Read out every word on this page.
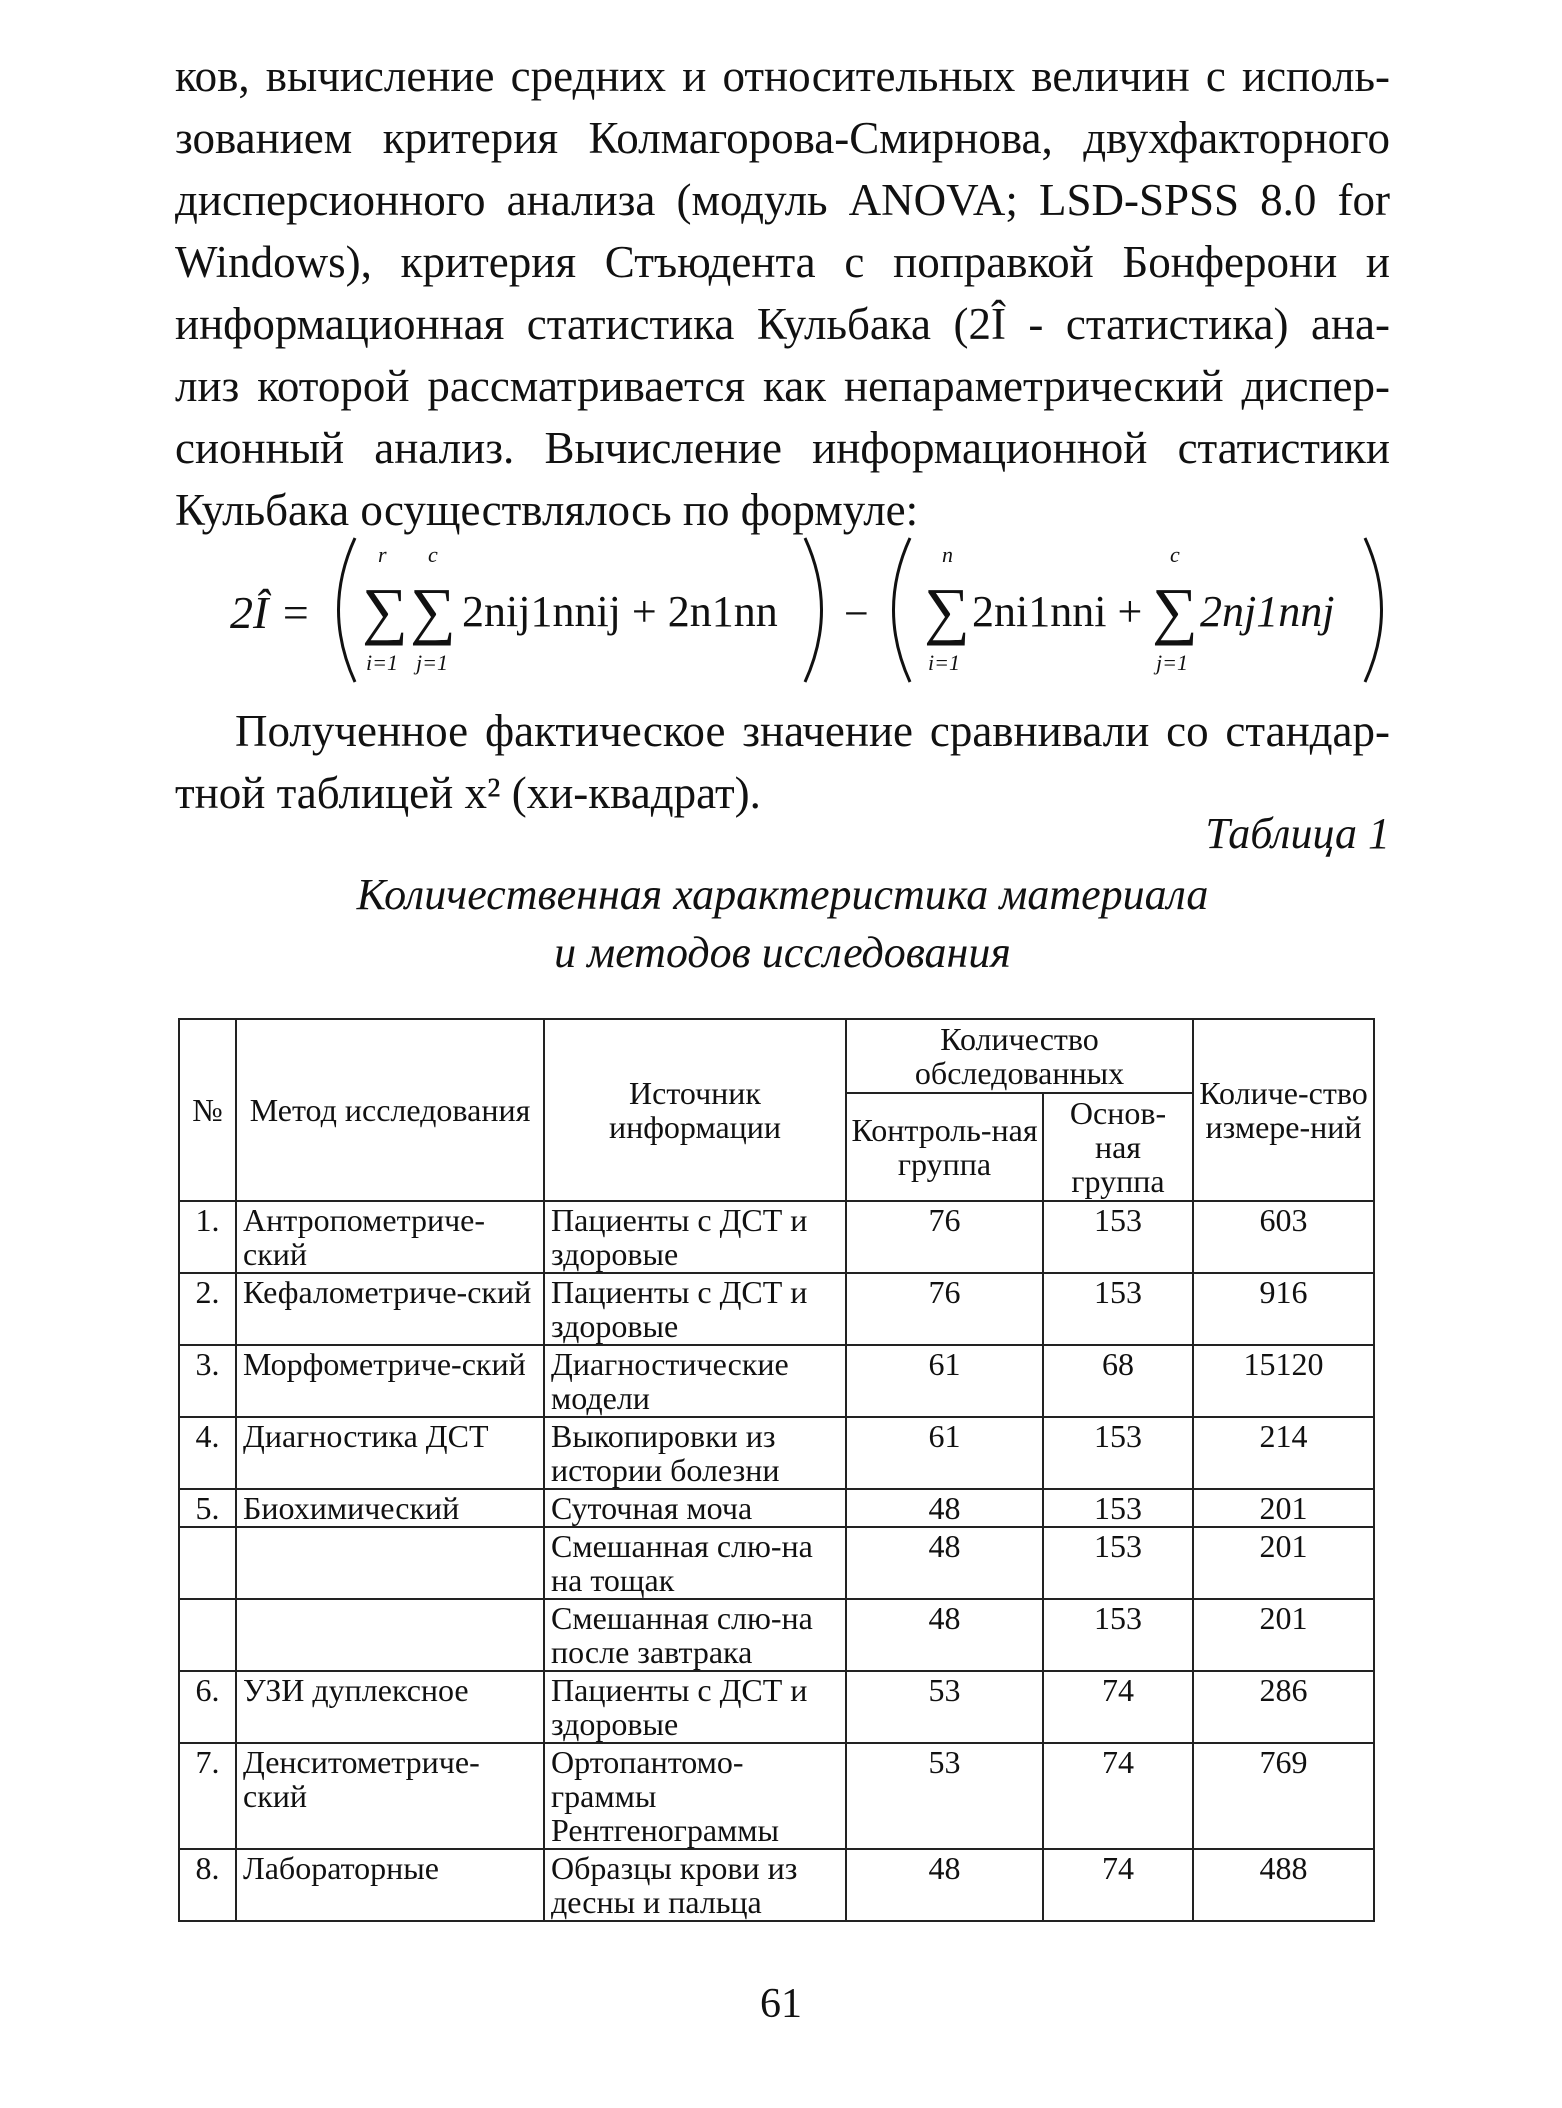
ков, вычисление средних и относительных величин с исполь-
зованием критерия Колмагорова-Смирнова, двухфакторного
дисперсионного анализа (модуль ANOVA; LSD-SPSS 8.0 for
Windows), критерия Стъюдента с поправкой Бонферони и
информационная статистика Кульбака (2Î - статистика) ана-
лиз которой рассматривается как непараметрический диспер-
сионный анализ. Вычисление информационной статистики
Кульбака осуществлялось по формуле:
2Î =
r c
∑ ∑
i=1 j=1
2nij1nnij + 2n1nn −
n
∑
i=1
2ni1nni +
c
∑
j=1
2nj1nnj
Полученное фактическое значение сравнивали со стандар-
тной таблицей х² (хи-квадрат).
Таблица 1
Количественная характеристика материала
и методов исследования
№	Метод исследования	Источник информации	Количество обследованных		Количе-ство измере-ний
			Контроль-ная группа	Основ-ная группа	
1.	Антропометриче-ский	Пациенты с ДСТ и здоровые	76	153	603
2.	Кефалометриче-ский	Пациенты с ДСТ и здоровые	76	153	916
3.	Морфометриче-ский	Диагностические модели	61	68	15120
4.	Диагностика ДСТ	Выкопировки из истории болезни	61	153	214
5.	Биохимический	Суточная моча	48	153	201
		Смешанная слю-на на тощак	48	153	201
		Смешанная слю-на после завтрака	48	153	201
6.	УЗИ дуплексное	Пациенты с ДСТ и здоровые	53	74	286
7.	Денситометриче-ский	Ортопантомо-граммы Рентгенограммы	53	74	769
8.	Лабораторные	Образцы крови из десны и пальца	48	74	488
61
